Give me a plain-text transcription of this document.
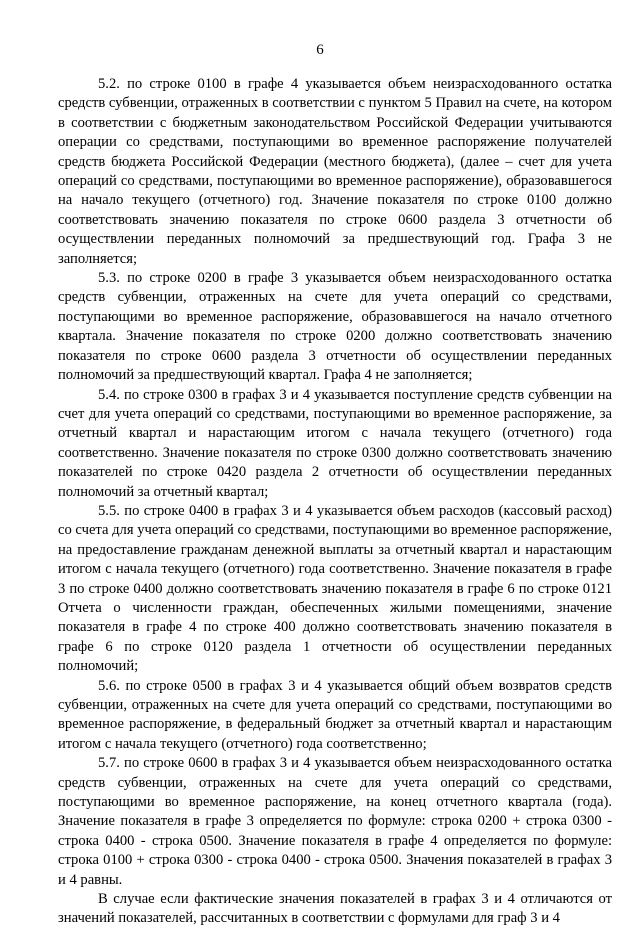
6

5.2. по строке 0100 в графе 4 указывается объем неизрасходованного остатка средств субвенции, отраженных в соответствии с пунктом 5 Правил на счете, на котором в соответствии с бюджетным законодательством Российской Федерации учитываются операции со средствами, поступающими во временное распоряжение получателей средств бюджета Российской Федерации (местного бюджета), (далее – счет для учета операций со средствами, поступающими во временное распоряжение), образовавшегося на начало текущего (отчетного) год. Значение показателя по строке 0100 должно соответствовать значению показателя по строке 0600 раздела 3 отчетности об осуществлении переданных полномочий за предшествующий год. Графа 3 не заполняется;

5.3. по строке 0200 в графе 3 указывается объем неизрасходованного остатка средств субвенции, отраженных на счете для учета операций со средствами, поступающими во временное распоряжение, образовавшегося на начало отчетного квартала. Значение показателя по строке 0200 должно соответствовать значению показателя по строке 0600 раздела 3 отчетности об осуществлении переданных полномочий за предшествующий квартал. Графа 4 не заполняется;

5.4. по строке 0300 в графах 3 и 4 указывается поступление средств субвенции на счет для учета операций со средствами, поступающими во временное распоряжение, за отчетный квартал и нарастающим итогом с начала текущего (отчетного) года соответственно. Значение показателя по строке 0300 должно соответствовать значению показателей по строке 0420 раздела 2 отчетности об осуществлении переданных полномочий за отчетный квартал;

5.5. по строке 0400 в графах 3 и 4 указывается объем расходов (кассовый расход) со счета для учета операций со средствами, поступающими во временное распоряжение, на предоставление гражданам денежной выплаты за отчетный квартал и нарастающим итогом с начала текущего (отчетного) года соответственно. Значение показателя в графе 3 по строке 0400 должно соответствовать значению показателя в графе 6 по строке 0121 Отчета о численности граждан, обеспеченных жилыми помещениями, значение показателя в графе 4 по строке 400 должно соответствовать значению показателя в графе 6 по строке 0120 раздела 1 отчетности об осуществлении переданных полномочий;

5.6. по строке 0500 в графах 3 и 4 указывается общий объем возвратов средств субвенции, отраженных на счете для учета операций со средствами, поступающими во временное распоряжение, в федеральный бюджет за отчетный квартал и нарастающим итогом с начала текущего (отчетного) года соответственно;

5.7. по строке 0600 в графах 3 и 4 указывается объем неизрасходованного остатка средств субвенции, отраженных на счете для учета операций со средствами, поступающими во временное распоряжение, на конец отчетного квартала (года). Значение показателя в графе 3 определяется по формуле: строка 0200 + строка 0300 - строка 0400 - строка 0500. Значение показателя в графе 4 определяется по формуле: строка 0100 + строка 0300 - строка 0400 - строка 0500. Значения показателей в графах 3 и 4 равны.

В случае если фактические значения показателей в графах 3 и 4 отличаются от значений показателей, рассчитанных в соответствии с формулами для граф 3 и 4
